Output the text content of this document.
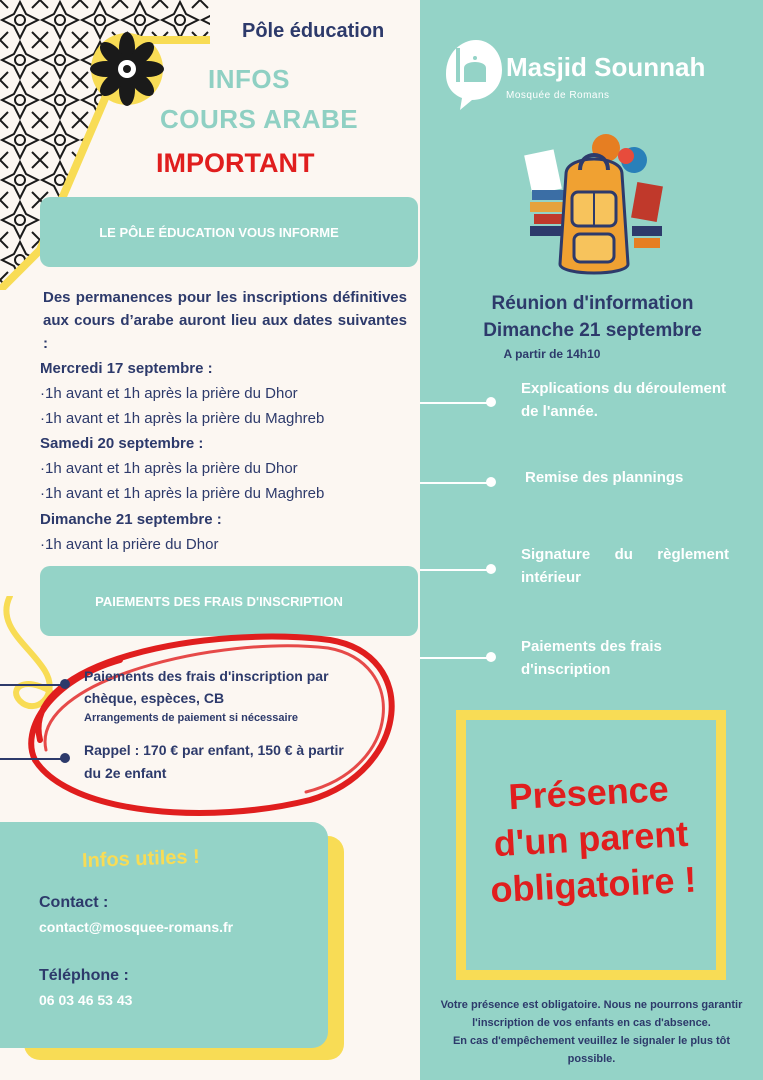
Pôle éducation
INFOS
COURS ARABE
IMPORTANT
LE PÔLE ÉDUCATION VOUS INFORME
Des permanences pour les inscriptions définitives aux cours d’arabe auront lieu aux dates suivantes :
Mercredi 17 septembre :
·1h avant et 1h après la prière du Dhor
·1h avant et 1h après la prière du Maghreb
Samedi 20 septembre :
·1h avant et 1h après la prière du Dhor
·1h avant et 1h après la prière du Maghreb
Dimanche 21 septembre :
·1h avant la prière du Dhor
PAIEMENTS DES FRAIS D'INSCRIPTION
Paiements des frais d'inscription par
chèque, espèces, CB
Arrangements de paiement si nécessaire
Rappel : 170 € par enfant, 150 € à partir
du 2e enfant
Infos utiles !
Contact :
contact@mosquee-romans.fr
Téléphone :
06 03 46 53 43
Masjid Sounnah
Mosquée de Romans
Réunion d'information
Dimanche 21 septembre
A partir de 14h10
Explications du déroulement
de l'année.
Remise des plannings
Signature du règlement
intérieur
Paiements des frais
d'inscription
Présence
d'un parent
obligatoire !
Votre présence est obligatoire. Nous ne pourrons garantir
l'inscription de vos enfants en cas d'absence.
En cas d'empêchement veuillez le signaler le plus tôt
possible.
